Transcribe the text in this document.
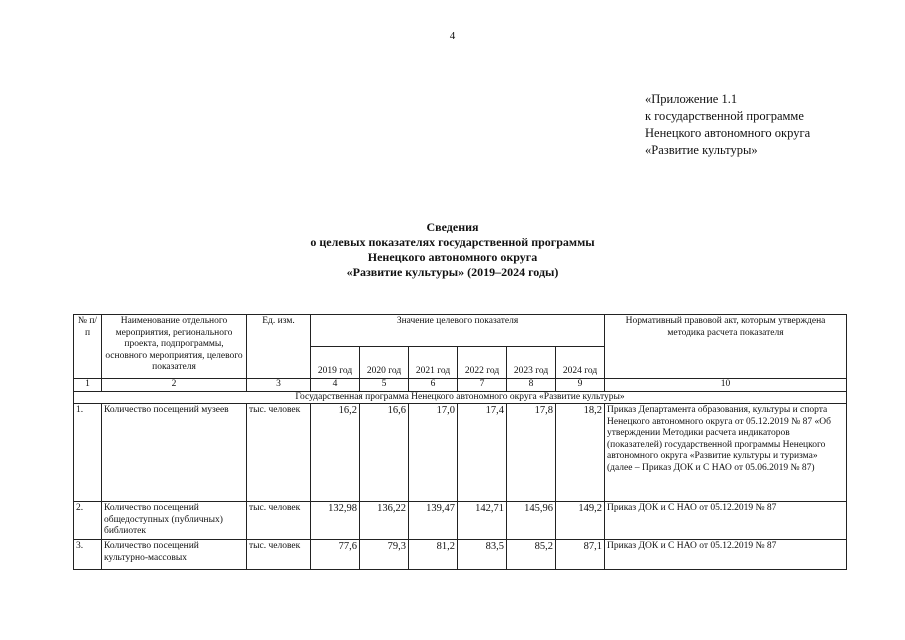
4
«Приложение 1.1
к государственной программе
Ненецкого автономного округа
«Развитие культуры»
Сведения
о целевых показателях государственной программы
Ненецкого автономного округа
«Развитие культуры» (2019–2024 годы)
№ п/п	Наименование отдельного мероприятия, регионального проекта, подпрограммы, основного мероприятия, целевого показателя	Ед. изм.	Значение целевого показателя						Нормативный правовой акт, которым утверждена методика расчета показателя
			2019 год	2020 год	2021 год	2022 год	2023 год	2024 год	
1	2	3	4	5	6	7	8	9	10
Государственная программа Ненецкого автономного округа «Развитие культуры»									
1.	Количество посещений музеев	тыс. человек	16,2	16,6	17,0	17,4	17,8	18,2	Приказ Департамента образования, культуры и спорта Ненецкого автономного округа от 05.12.2019 № 87 «Об утверждении Методики расчета индикаторов (показателей) государственной программы Ненецкого автономного округа «Развитие культуры и туризма» (далее – Приказ ДОК и С НАО от 05.06.2019 № 87)
2.	Количество посещений общедоступных (публичных) библиотек	тыс. человек	132,98	136,22	139,47	142,71	145,96	149,2	Приказ ДОК и С НАО от 05.12.2019 № 87
3.	Количество посещений культурно-массовых	тыс. человек	77,6	79,3	81,2	83,5	85,2	87,1	Приказ ДОК и С НАО от 05.12.2019 № 87
